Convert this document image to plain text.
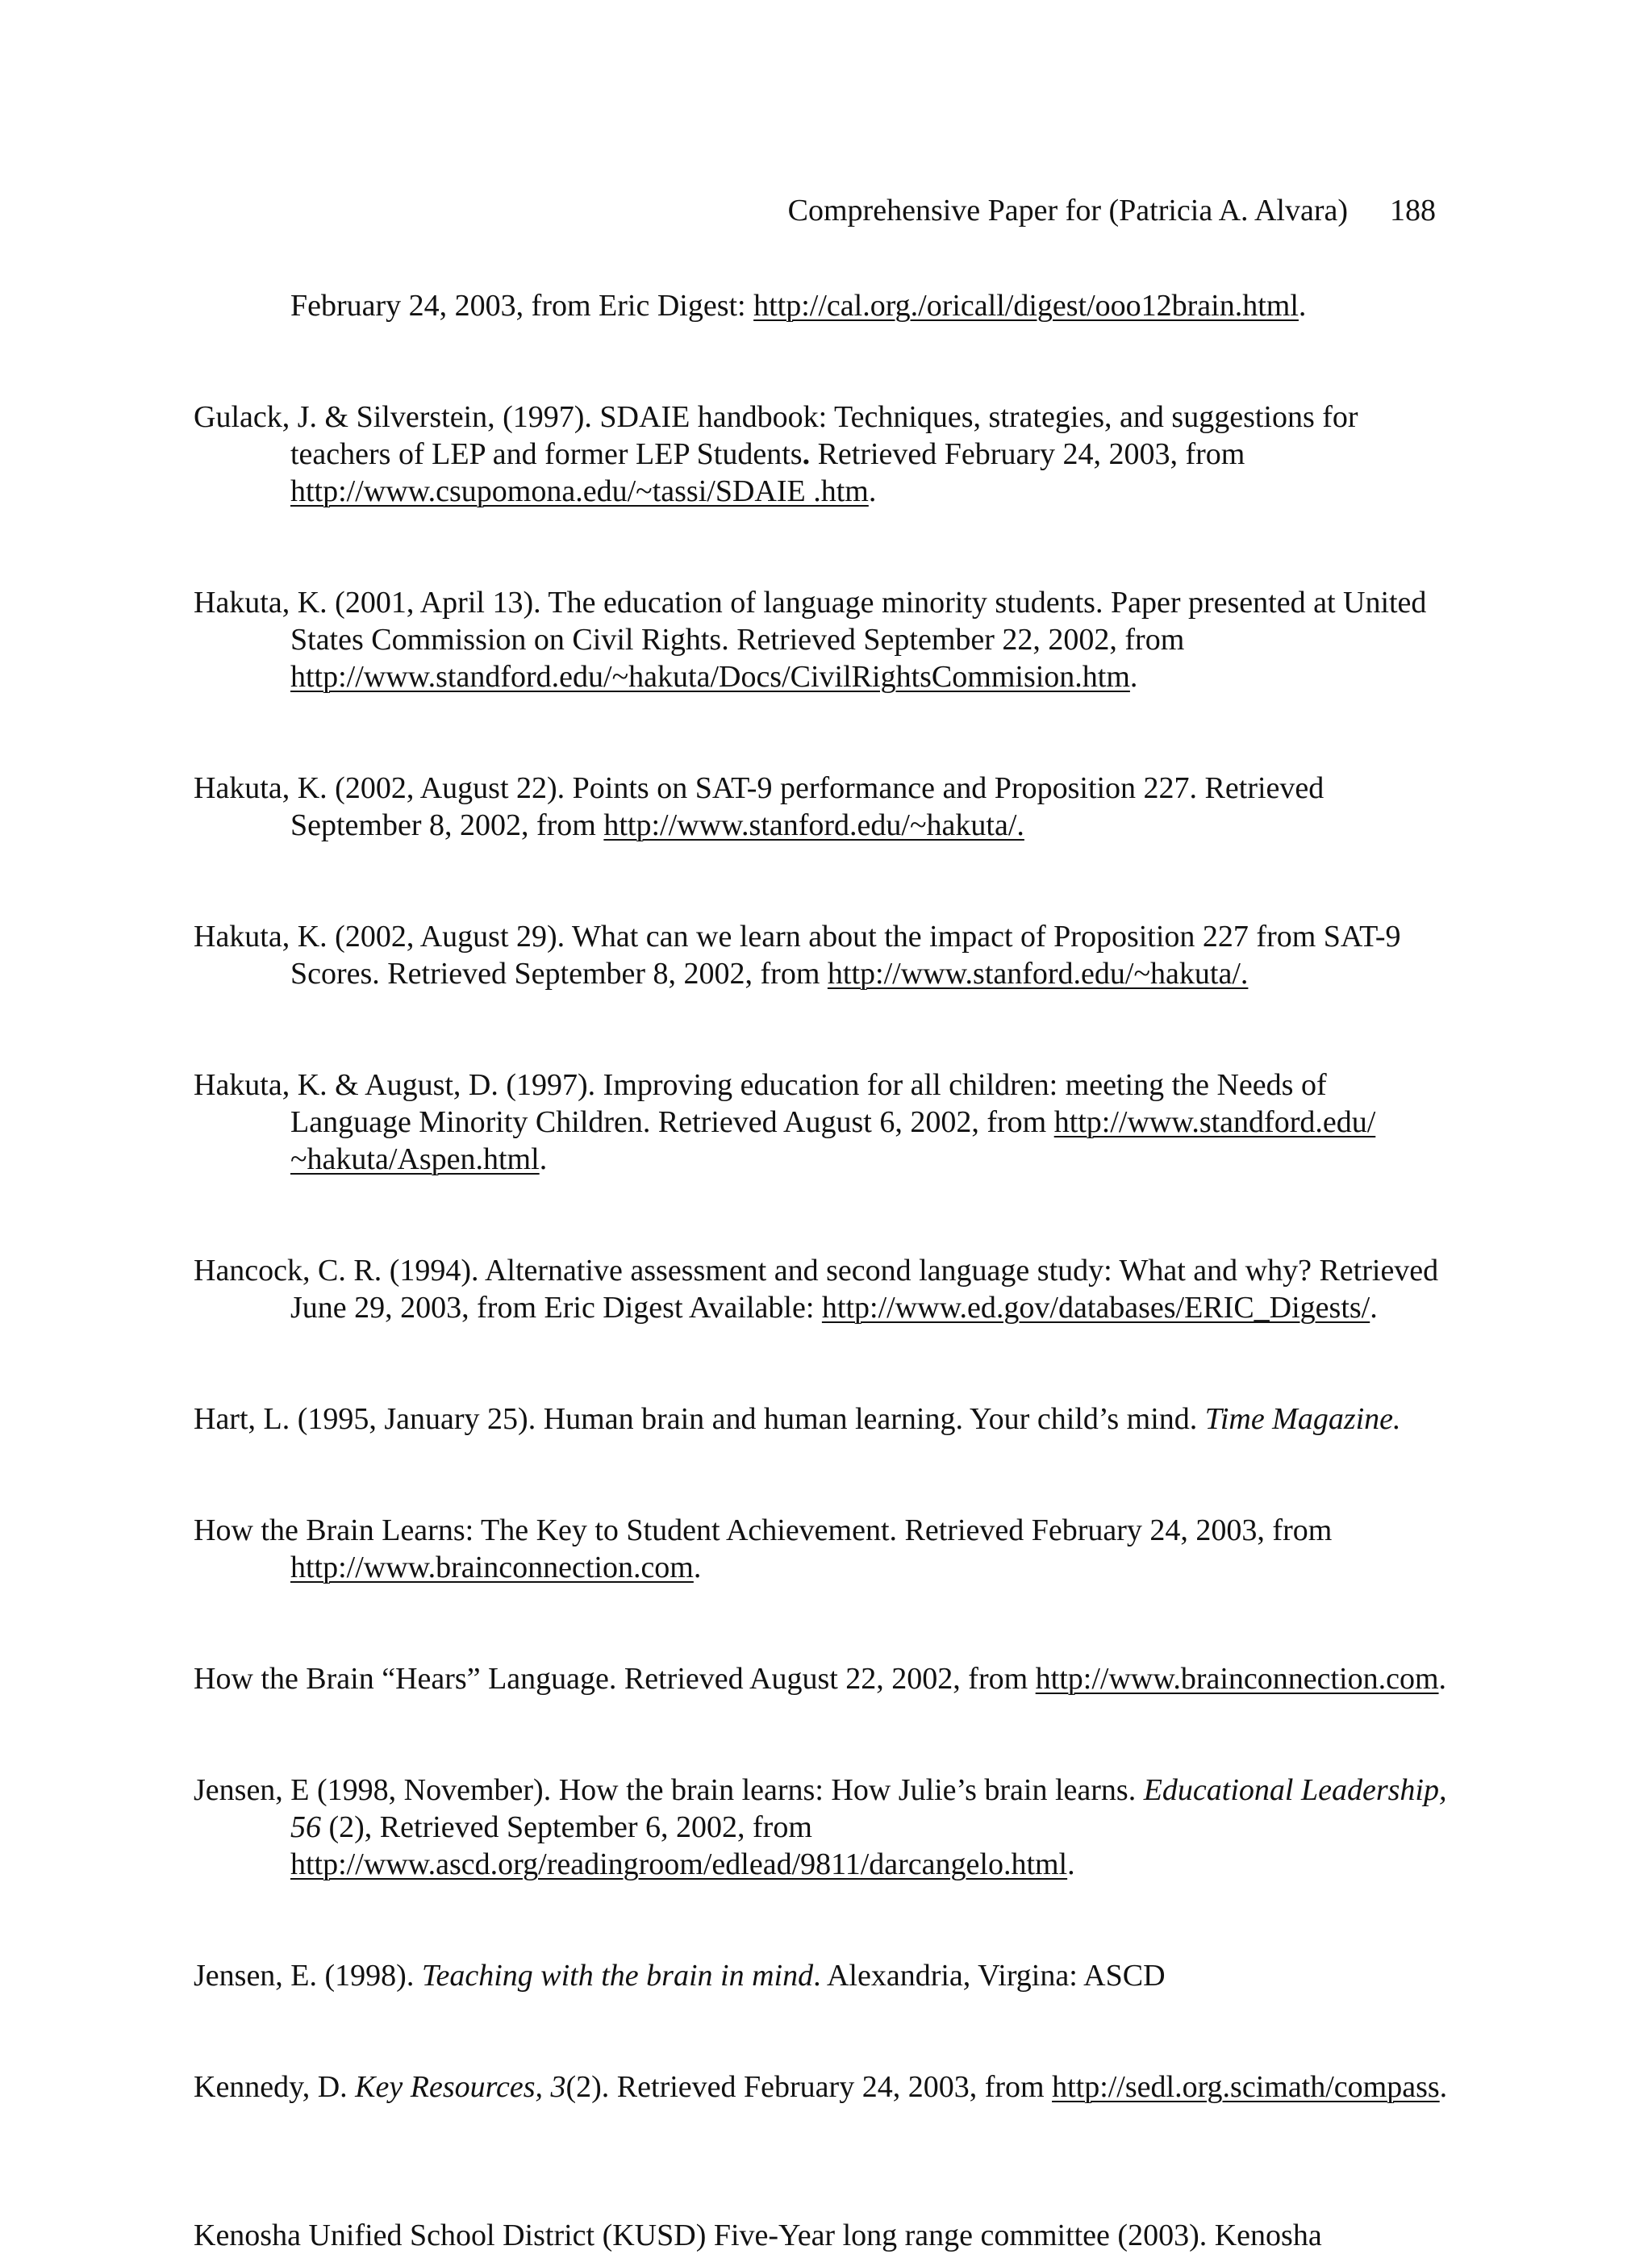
Comprehensive Paper for (Patricia A. Alvara) 188

February 24, 2003, from Eric Digest: http://cal.org./oricall/digest/ooo12brain.html.

Gulack, J. & Silverstein, (1997). SDAIE handbook: Techniques, strategies, and suggestions for teachers of LEP and former LEP Students. Retrieved February 24, 2003, from http://www.csupomona.edu/~tassi/SDAIE .htm.

Hakuta, K. (2001, April 13). The education of language minority students. Paper presented at United States Commission on Civil Rights. Retrieved September 22, 2002, from http://www.standford.edu/~hakuta/Docs/CivilRightsCommision.htm.

Hakuta, K. (2002, August 22). Points on SAT-9 performance and Proposition 227. Retrieved September 8, 2002, from http://www.stanford.edu/~hakuta/.

Hakuta, K. (2002, August 29). What can we learn about the impact of Proposition 227 from SAT-9 Scores. Retrieved September 8, 2002, from http://www.stanford.edu/~hakuta/.

Hakuta, K. & August, D. (1997). Improving education for all children: meeting the Needs of Language Minority Children. Retrieved August 6, 2002, from http://www.standford.edu/ ~hakuta/Aspen.html.

Hancock, C. R. (1994). Alternative assessment and second language study: What and why? Retrieved June 29, 2003, from Eric Digest Available: http://www.ed.gov/databases/ERIC_Digests/.

Hart, L. (1995, January 25). Human brain and human learning. Your child’s mind. Time Magazine.

How the Brain Learns: The Key to Student Achievement. Retrieved February 24, 2003, from http://www.brainconnection.com.

How the Brain “Hears” Language. Retrieved August 22, 2002, from http://www.brainconnection.com.

Jensen, E (1998, November). How the brain learns: How Julie’s brain learns. Educational Leadership, 56 (2), Retrieved September 6, 2002, from http://www.ascd.org/readingroom/edlead/9811/darcangelo.html.

Jensen, E. (1998). Teaching with the brain in mind. Alexandria, Virgina: ASCD

Kennedy, D. Key Resources, 3(2). Retrieved February 24, 2003, from http://sedl.org.scimath/compass.

Kenosha Unified School District (KUSD) Five-Year long range committee (2003). Kenosha
